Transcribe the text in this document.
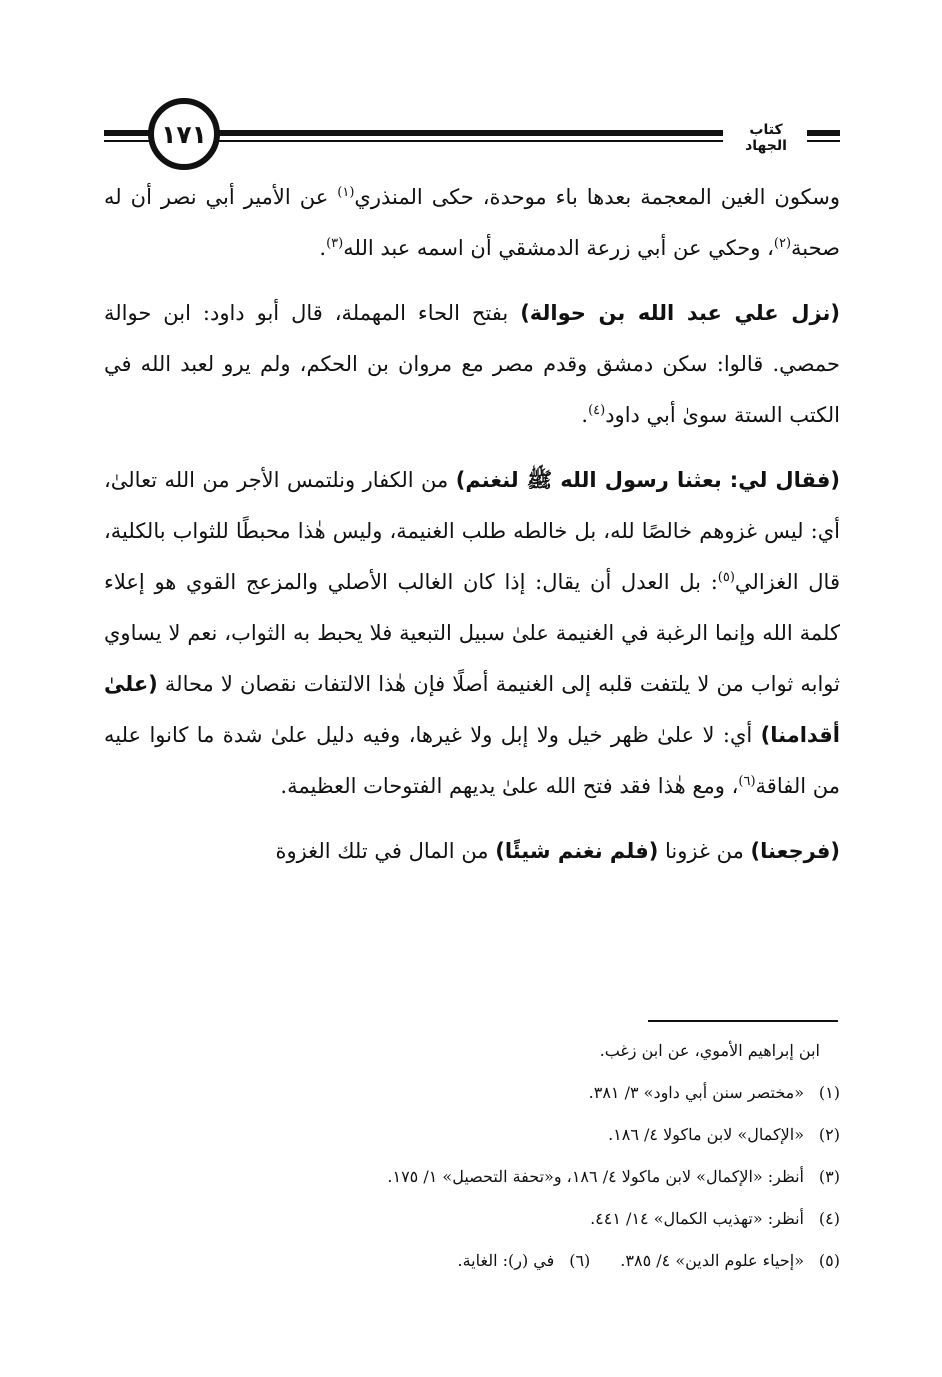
١٧١	كتاب الجهاد

وسكون الغين المعجمة بعدها باء موحدة، حكى المنذري$^{(١)}$ عن الأمير أبي نصر أن له صحبة$^{(٢)}$، وحكي عن أبي زرعة الدمشقي أن اسمه عبد الله$^{(٣)}$.

(نزل علي عبد الله بن حوالة) بفتح الحاء المهملة، قال أبو داود: ابن حوالة حمصي. قالوا: سكن دمشق وقدم مصر مع مروان بن الحكم، ولم يرو لعبد الله في الكتب الستة سوىٰ أبي داود$^{(٤)}$.

(فقال لي: بعثنا رسول الله ﷺ لنغنم) من الكفار ونلتمس الأجر من الله تعالىٰ، أي: ليس غزوهم خالصًا لله، بل خالطه طلب الغنيمة، وليس هٰذا محبطًا للثواب بالكلية، قال الغزالي$^{(٥)}$: بل العدل أن يقال: إذا كان الغالب الأصلي والمزعج القوي هو إعلاء كلمة الله وإنما الرغبة في الغنيمة علىٰ سبيل التبعية فلا يحبط به الثواب، نعم لا يساوي ثوابه ثواب من لا يلتفت قلبه إلى الغنيمة أصلًا فإن هٰذا الالتفات نقصان لا محالة (علىٰ أقدامنا) أي: لا علىٰ ظهر خيل ولا إبل ولا غيرها، وفيه دليل علىٰ شدة ما كانوا عليه من الفاقة$^{(٦)}$، ومع هٰذا فقد فتح الله علىٰ يديهم الفتوحات العظيمة.

(فرجعنا) من غزونا (فلم نغنم شيئًا) من المال في تلك الغزوة

ابن إبراهيم الأموي، عن ابن زغب.
(١)«مختصر سنن أبي داود» ٣/ ٣٨١.
(٢)«الإكمال» لابن ماكولا ٤/ ١٨٦.
(٣)أنظر: «الإكمال» لابن ماكولا ٤/ ١٨٦، و«تحفة التحصيل» ١/ ١٧٥.
(٤)أنظر: «تهذيب الكمال» ١٤/ ٤٤١.
(٥)«إحياء علوم الدين» ٤/ ٣٨٥.(٦)في (ر): الغاية.
